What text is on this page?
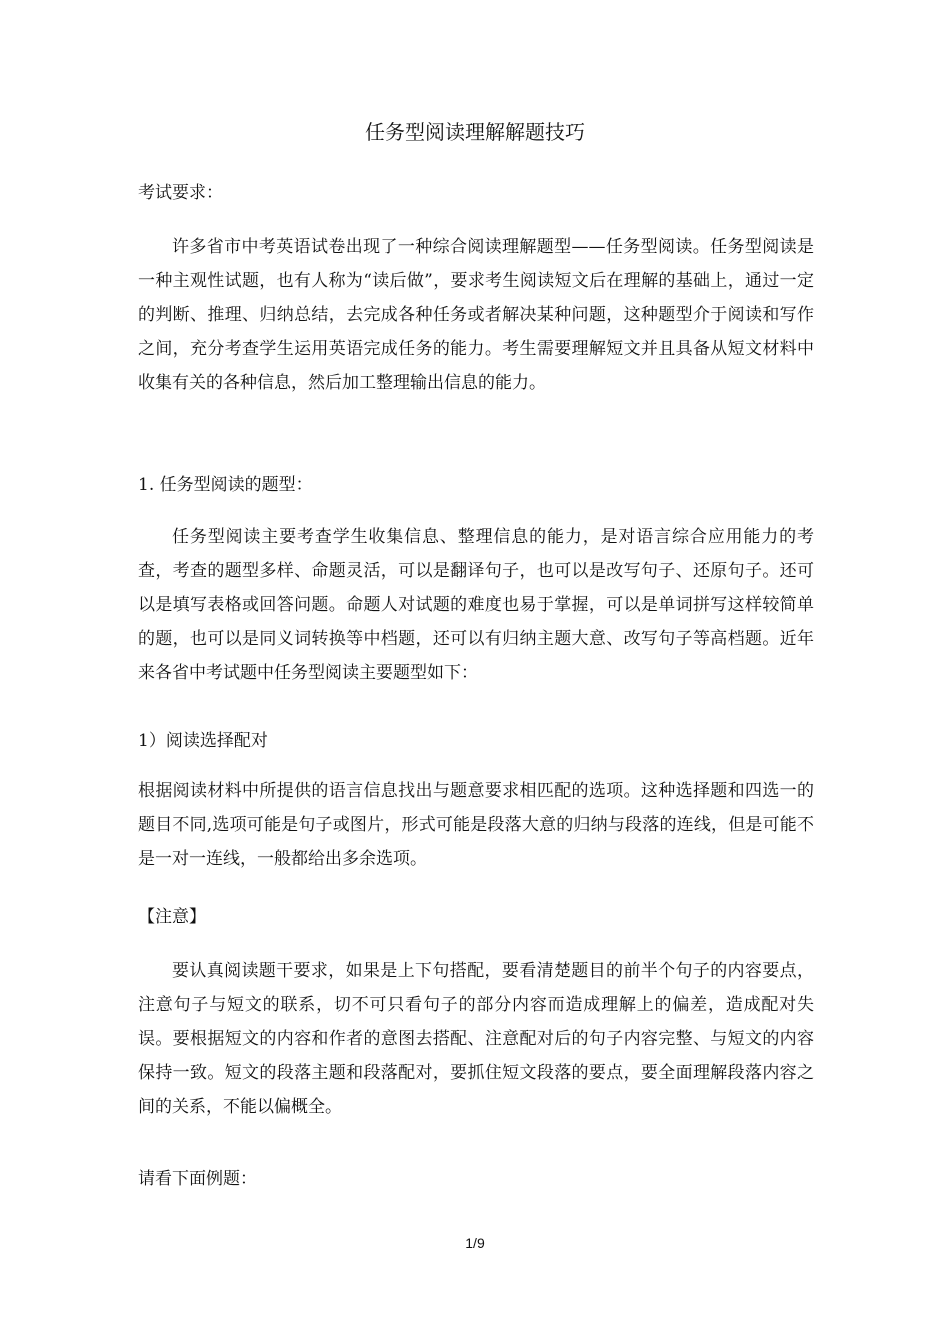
任务型阅读理解解题技巧
考试要求：
许多省市中考英语试卷出现了一种综合阅读理解题型——任务型阅读。任务型阅读是一种主观性试题，也有人称为“读后做”，要求考生阅读短文后在理解的基础上，通过一定的判断、推理、归纳总结，去完成各种任务或者解决某种问题，这种题型介于阅读和写作之间，充分考查学生运用英语完成任务的能力。考生需要理解短文并且具备从短文材料中收集有关的各种信息，然后加工整理输出信息的能力。
1. 任务型阅读的题型：
任务型阅读主要考查学生收集信息、整理信息的能力，是对语言综合应用能力的考查，考查的题型多样、命题灵活，可以是翻译句子，也可以是改写句子、还原句子。还可以是填写表格或回答问题。命题人对试题的难度也易于掌握，可以是单词拼写这样较简单的题，也可以是同义词转换等中档题，还可以有归纳主题大意、改写句子等高档题。近年来各省中考试题中任务型阅读主要题型如下：
1）阅读选择配对
根据阅读材料中所提供的语言信息找出与题意要求相匹配的选项。这种选择题和四选一的题目不同,选项可能是句子或图片，形式可能是段落大意的归纳与段落的连线，但是可能不是一对一连线，一般都给出多余选项。
【注意】
要认真阅读题干要求，如果是上下句搭配，要看清楚题目的前半个句子的内容要点，注意句子与短文的联系，切不可只看句子的部分内容而造成理解上的偏差，造成配对失误。要根据短文的内容和作者的意图去搭配、注意配对后的句子内容完整、与短文的内容保持一致。短文的段落主题和段落配对，要抓住短文段落的要点，要全面理解段落内容之间的关系，不能以偏概全。
请看下面例题：
1/9
